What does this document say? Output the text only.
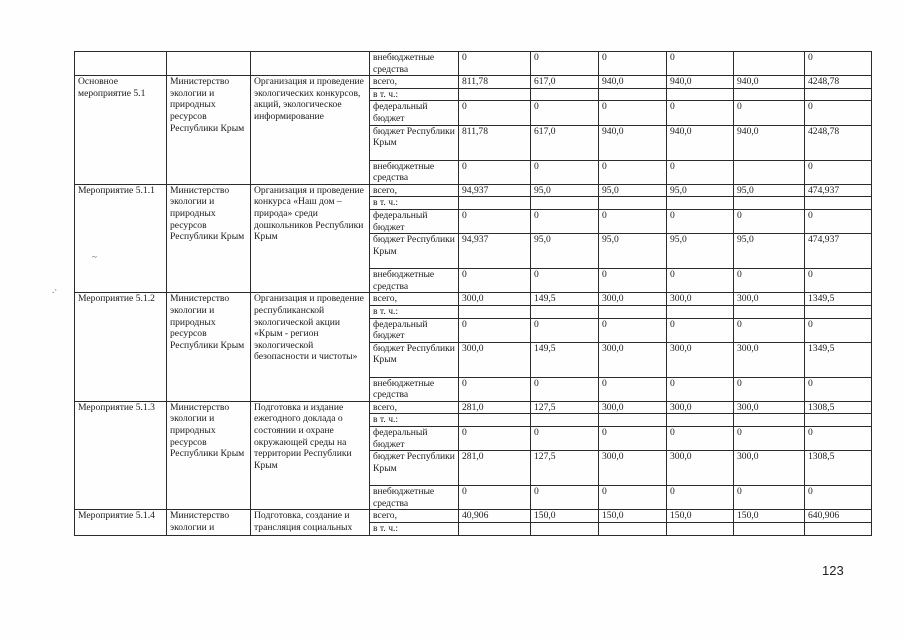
			внебюджетные средства	0	0	0	0		0
Основное мероприятие 5.1	Министерство экологии и природных ресурсов Республики Крым	Организация и проведение экологических конкурсов, акций, экологическое информирование	всего,	811,78	617,0	940,0	940,0	940,0	4248,78
			в т. ч.:						
			федеральный бюджет	0	0	0	0	0	0
			бюджет Республики Крым	811,78	617,0	940,0	940,0	940,0	4248,78
			внебюджетные средства	0	0	0	0		0
Мероприятие 5.1.1	Министерство экологии и природных ресурсов Республики Крым	Организация и проведение конкурса «Наш дом – природа» среди дошкольников Республики Крым	всего,	94,937	95,0	95,0	95,0	95,0	474,937
			в т. ч.:						
			федеральный бюджет	0	0	0	0	0	0
			бюджет Республики Крым	94,937	95,0	95,0	95,0	95,0	474,937
			внебюджетные средства	0	0	0	0	0	0
Мероприятие 5.1.2	Министерство экологии и природных ресурсов Республики Крым	Организация и проведение республиканской экологической акции «Крым - регион экологической безопасности и чистоты»	всего,	300,0	149,5	300,0	300,0	300,0	1349,5
			в т. ч.:						
			федеральный бюджет	0	0	0	0	0	0
			бюджет Республики Крым	300,0	149,5	300,0	300,0	300,0	1349,5
			внебюджетные средства	0	0	0	0	0	0
Мероприятие 5.1.3	Министерство экологии и природных ресурсов Республики Крым	Подготовка и издание ежегодного доклада о состоянии и охране окружающей среды на территории Республики Крым	всего,	281,0	127,5	300,0	300,0	300,0	1308,5
			в т. ч.:						
			федеральный бюджет	0	0	0	0	0	0
			бюджет Республики Крым	281,0	127,5	300,0	300,0	300,0	1308,5
			внебюджетные средства	0	0	0	0	0	0
Мероприятие 5.1.4	Министерство экологии и	Подготовка, создание и трансляция социальных	всего,	40,906	150,0	150,0	150,0	150,0	640,906
			в т. ч.:						
~
.·
123
